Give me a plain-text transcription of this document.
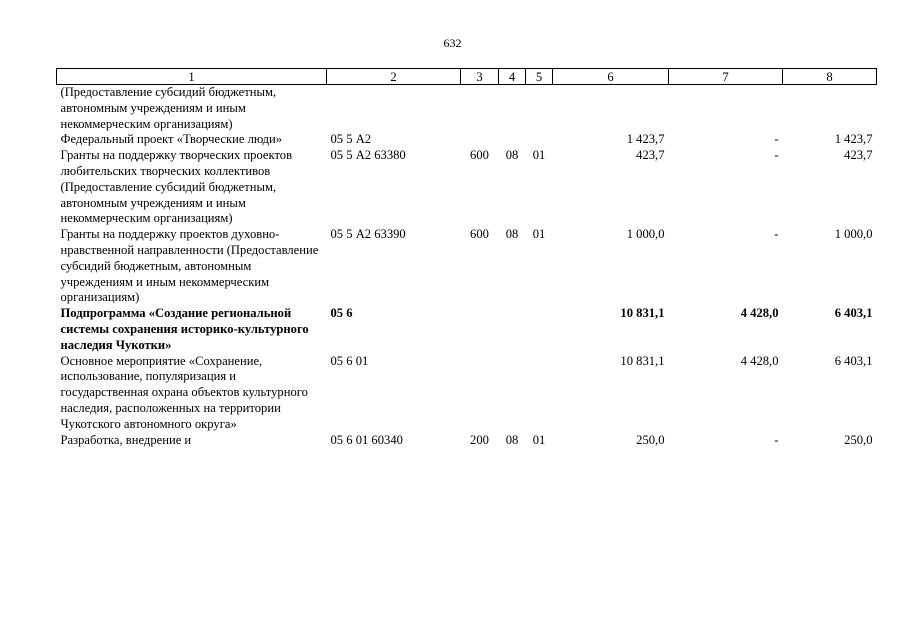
632
1	2	3	4	5	6	7	8
(Предоставление субсидий бюджетным, автономным учреждениям и иным некоммерческим организациям)							
Федеральный проект «Творческие люди»	05 5 А2				1 423,7	-	1 423,7
Гранты на поддержку творческих проектов любительских творческих коллективов (Предоставление субсидий бюджетным, автономным учреждениям и иным некоммерческим организациям)	05 5 А2 63380	600	08	01	423,7	-	423,7
Гранты на поддержку проектов духовно-нравственной направленности (Предоставление субсидий бюджетным, автономным учреждениям и иным некоммерческим организациям)	05 5 А2 63390	600	08	01	1 000,0	-	1 000,0
Подпрограмма «Создание региональной системы сохранения историко-культурного наследия Чукотки»	05 6				10 831,1	4 428,0	6 403,1
Основное мероприятие «Сохранение, использование, популяризация и государственная охрана объектов культурного наследия, расположенных на территории Чукотского автономного округа»	05 6 01				10 831,1	4 428,0	6 403,1
Разработка, внедрение и	05 6 01 60340	200	08	01	250,0	-	250,0
